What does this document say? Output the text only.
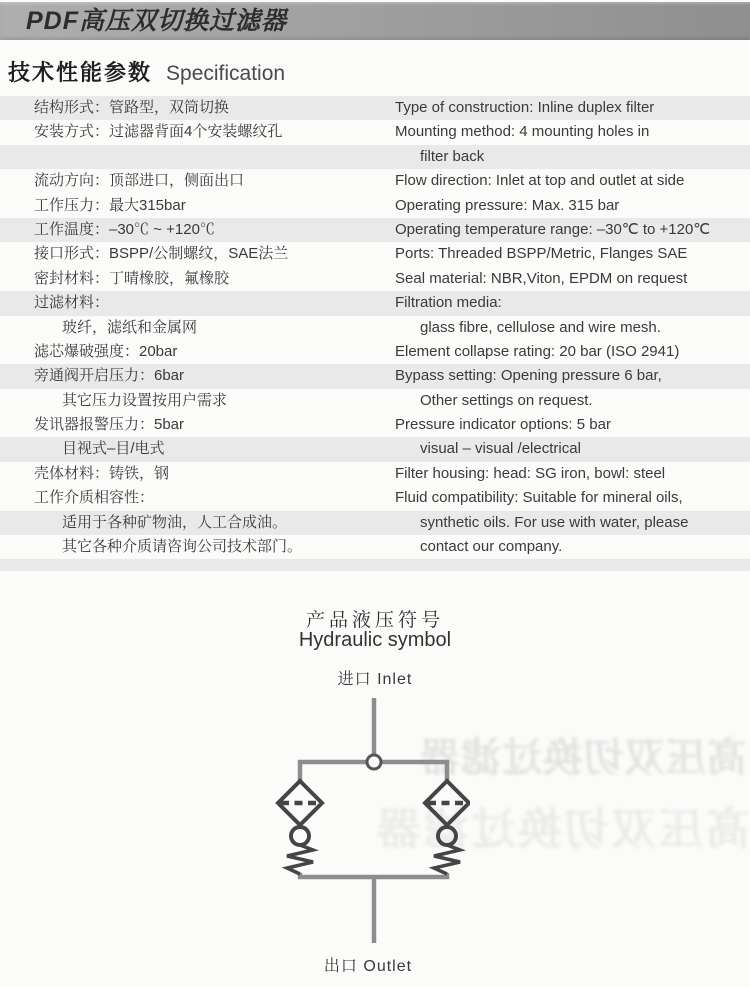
PDF高压双切换过滤器
技术性能参数 Specification
结构形式：管路型，双筒切换	Type of construction: Inline duplex filter
安装方式：过滤器背面4个安装螺纹孔	Mounting method: 4 mounting holes in
filter back
流动方向：顶部进口，侧面出口	Flow direction: Inlet at top and outlet at side
工作压力：最大315bar	Operating pressure: Max. 315 bar
工作温度：–30℃ ~ +120℃	Operating temperature range: –30℃ to +120℃
接口形式：BSPP/公制螺纹，SAE法兰	Ports: Threaded BSPP/Metric, Flanges SAE
密封材料：丁晴橡胶，氟橡胶	Seal material: NBR,Viton, EPDM on request
过滤材料：	Filtration media:
玻纤，滤纸和金属网	glass fibre, cellulose and wire mesh.
滤芯爆破强度：20bar	Element collapse rating: 20 bar (ISO 2941)
旁通阀开启压力：6bar	Bypass setting: Opening pressure 6 bar,
其它压力设置按用户需求	Other settings on request.
发讯器报警压力：5bar	Pressure indicator options: 5 bar
目视式–目/电式	visual – visual /electrical
壳体材料：铸铁，钢	Filter housing: head: SG iron, bowl: steel
工作介质相容性：	Fluid compatibility: Suitable for mineral oils,
适用于各种矿物油，人工合成油。	synthetic oils. For use with water, please
其它各种介质请咨询公司技术部门。	contact our company.
产品液压符号
Hydraulic symbol
进口 Inlet
高压双切换过滤器
高压双切换过滤器
出口 Outlet
